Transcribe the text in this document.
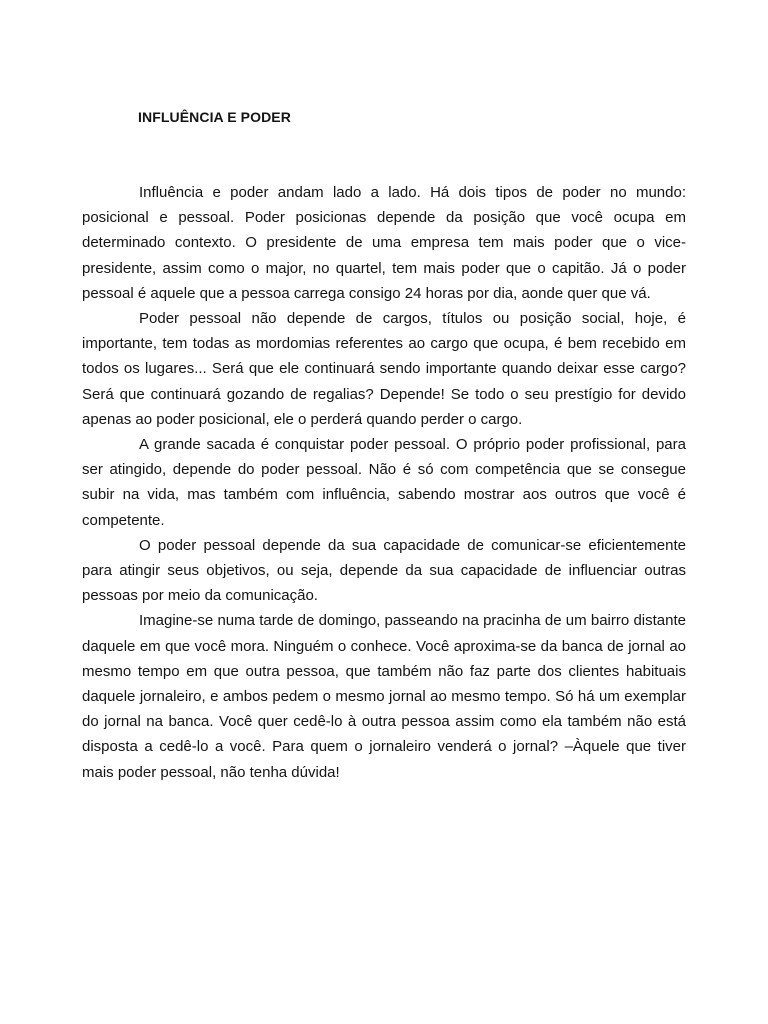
INFLUÊNCIA E PODER

Influência e poder andam lado a lado. Há dois tipos de poder no mundo: posicional e pessoal. Poder posicionas depende da posição que você ocupa em determinado contexto. O presidente de uma empresa tem mais poder que o vice-presidente, assim como o major, no quartel, tem mais poder que o capitão. Já o poder pessoal é aquele que a pessoa carrega consigo 24 horas por dia, aonde quer que vá.

Poder pessoal não depende de cargos, títulos ou posição social, hoje, é importante, tem todas as mordomias referentes ao cargo que ocupa, é bem recebido em todos os lugares... Será que ele continuará sendo importante quando deixar esse cargo? Será que continuará gozando de regalias? Depende! Se todo o seu prestígio for devido apenas ao poder posicional, ele o perderá quando perder o cargo.

A grande sacada é conquistar poder pessoal. O próprio poder profissional, para ser atingido, depende do poder pessoal. Não é só com competência que se consegue subir na vida, mas também com influência, sabendo mostrar aos outros que você é competente.

O poder pessoal depende da sua capacidade de comunicar-se eficientemente para atingir seus objetivos, ou seja, depende da sua capacidade de influenciar outras pessoas por meio da comunicação.

Imagine-se numa tarde de domingo, passeando na pracinha de um bairro distante daquele em que você mora. Ninguém o conhece. Você aproxima-se da banca de jornal ao mesmo tempo em que outra pessoa, que também não faz parte dos clientes habituais daquele jornaleiro, e ambos pedem o mesmo jornal ao mesmo tempo. Só há um exemplar do jornal na banca. Você quer cedê-lo à outra pessoa assim como ela também não está disposta a cedê-lo a você. Para quem o jornaleiro venderá o jornal? –Àquele que tiver mais poder pessoal, não tenha dúvida!
